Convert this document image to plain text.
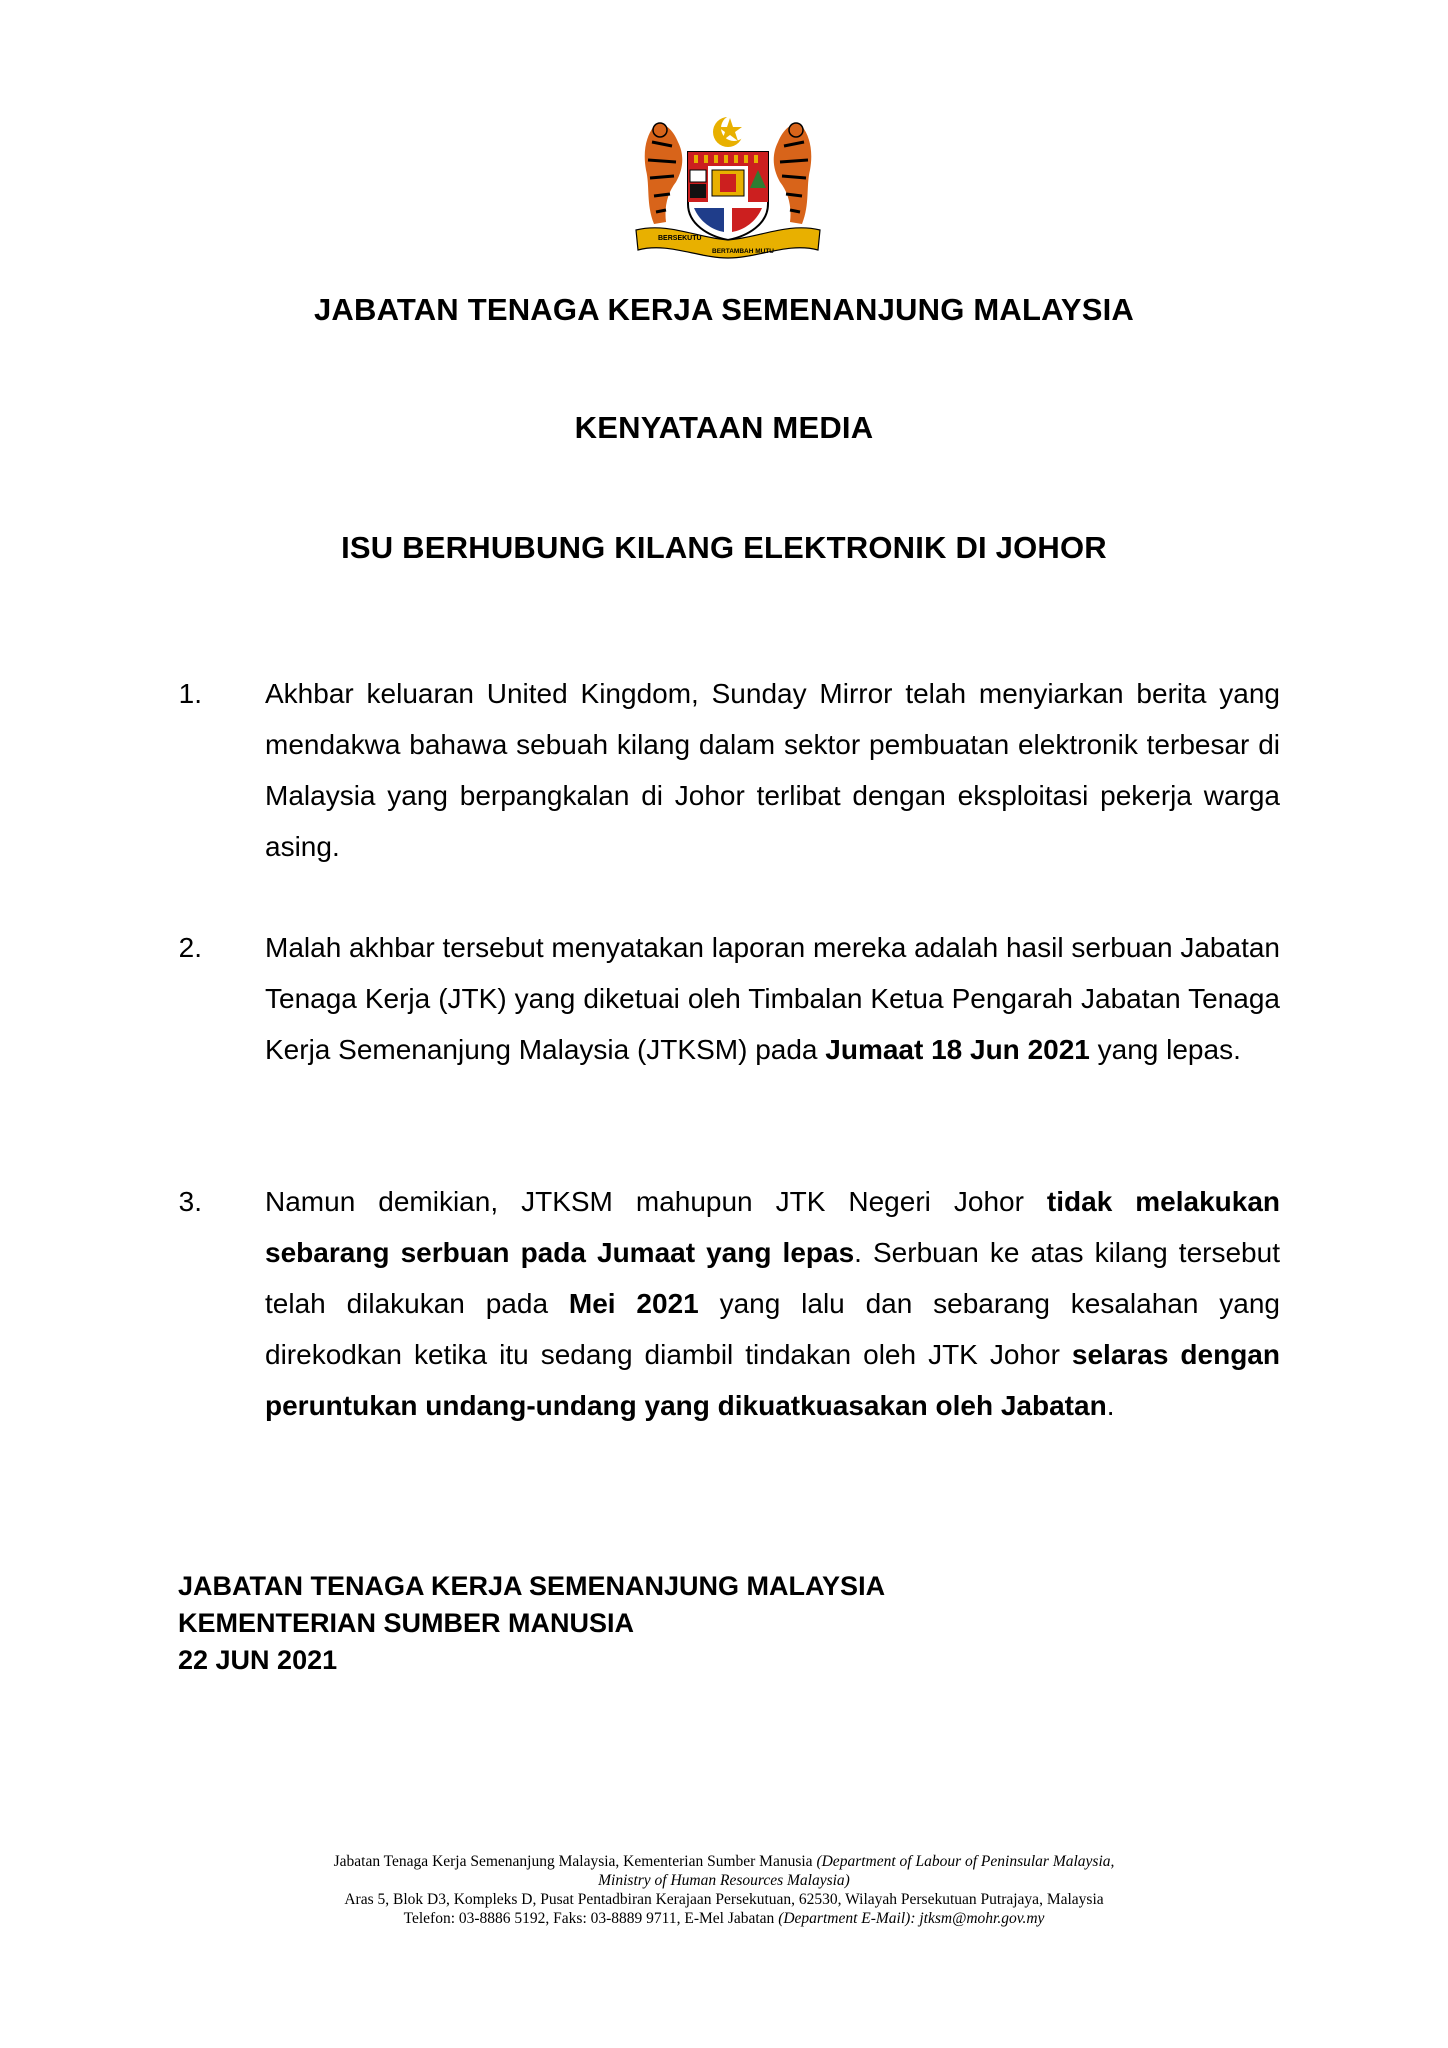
BERSEKUTU
BERTAMBAH MUTU
JABATAN TENAGA KERJA SEMENANJUNG MALAYSIA
KENYATAAN MEDIA
ISU BERHUBUNG KILANG ELEKTRONIK DI JOHOR
1. Akhbar keluaran United Kingdom, Sunday Mirror telah menyiarkan berita yang mendakwa bahawa sebuah kilang dalam sektor pembuatan elektronik terbesar di Malaysia yang berpangkalan di Johor terlibat dengan eksploitasi pekerja warga asing.

2. Malah akhbar tersebut menyatakan laporan mereka adalah hasil serbuan Jabatan Tenaga Kerja (JTK) yang diketuai oleh Timbalan Ketua Pengarah Jabatan Tenaga Kerja Semenanjung Malaysia (JTKSM) pada Jumaat 18 Jun 2021 yang lepas.

3. Namun demikian, JTKSM mahupun JTK Negeri Johor tidak melakukan sebarang serbuan pada Jumaat yang lepas. Serbuan ke atas kilang tersebut telah dilakukan pada Mei 2021 yang lalu dan sebarang kesalahan yang direkodkan ketika itu sedang diambil tindakan oleh JTK Johor selaras dengan peruntukan undang-undang yang dikuatkuasakan oleh Jabatan.

JABATAN TENAGA KERJA SEMENANJUNG MALAYSIA
KEMENTERIAN SUMBER MANUSIA
22 JUN 2021
Jabatan Tenaga Kerja Semenanjung Malaysia, Kementerian Sumber Manusia (Department of Labour of Peninsular Malaysia,
Ministry of Human Resources Malaysia)
Aras 5, Blok D3, Kompleks D, Pusat Pentadbiran Kerajaan Persekutuan, 62530, Wilayah Persekutuan Putrajaya, Malaysia
Telefon: 03-8886 5192, Faks: 03-8889 9711, E-Mel Jabatan (Department E-Mail): jtksm@mohr.gov.my
